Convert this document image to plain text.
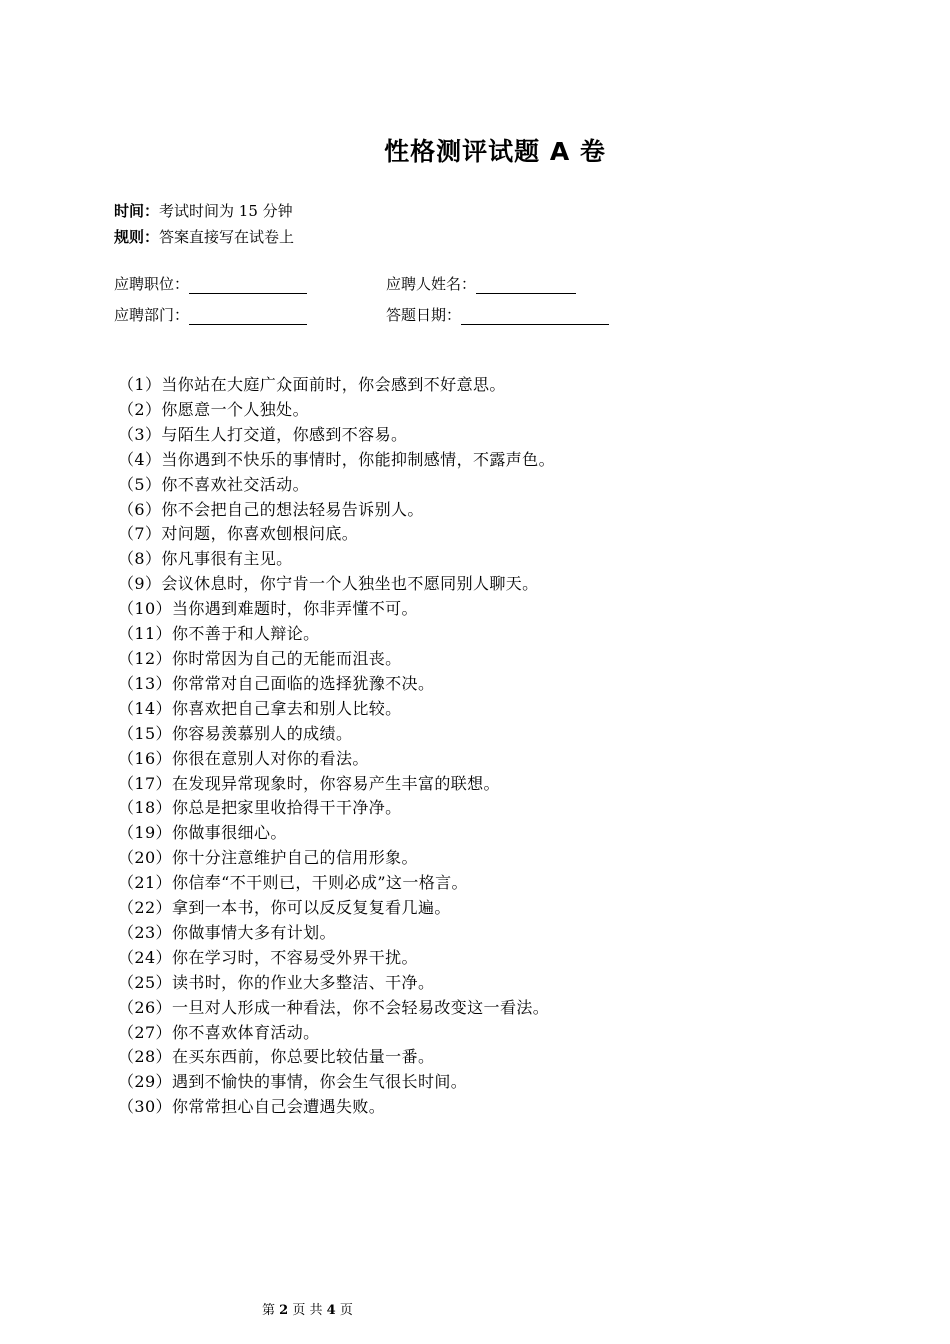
性格测评试题 A 卷
时间：考试时间为 15 分钟
规则：答案直接写在试卷上
应聘职位：	应聘人姓名：
应聘部门：	答题日期：
（1）当你站在大庭广众面前时，你会感到不好意思。
（2）你愿意一个人独处。
（3）与陌生人打交道，你感到不容易。
（4）当你遇到不快乐的事情时，你能抑制感情，不露声色。
（5）你不喜欢社交活动。
（6）你不会把自己的想法轻易告诉别人。
（7）对问题，你喜欢刨根问底。
（8）你凡事很有主见。
（9）会议休息时，你宁肯一个人独坐也不愿同别人聊天。
（10）当你遇到难题时，你非弄懂不可。
（11）你不善于和人辩论。
（12）你时常因为自己的无能而沮丧。
（13）你常常对自己面临的选择犹豫不决。
（14）你喜欢把自己拿去和别人比较。
（15）你容易羡慕别人的成绩。
（16）你很在意别人对你的看法。
（17）在发现异常现象时，你容易产生丰富的联想。
（18）你总是把家里收拾得干干净净。
（19）你做事很细心。
（20）你十分注意维护自己的信用形象。
（21）你信奉“不干则已，干则必成”这一格言。
（22）拿到一本书，你可以反反复复看几遍。
（23）你做事情大多有计划。
（24）你在学习时，不容易受外界干扰。
（25）读书时，你的作业大多整洁、干净。
（26）一旦对人形成一种看法，你不会轻易改变这一看法。
（27）你不喜欢体育活动。
（28）在买东西前，你总要比较估量一番。
（29）遇到不愉快的事情，你会生气很长时间。
（30）你常常担心自己会遭遇失败。
第 2 页 共 4 页
